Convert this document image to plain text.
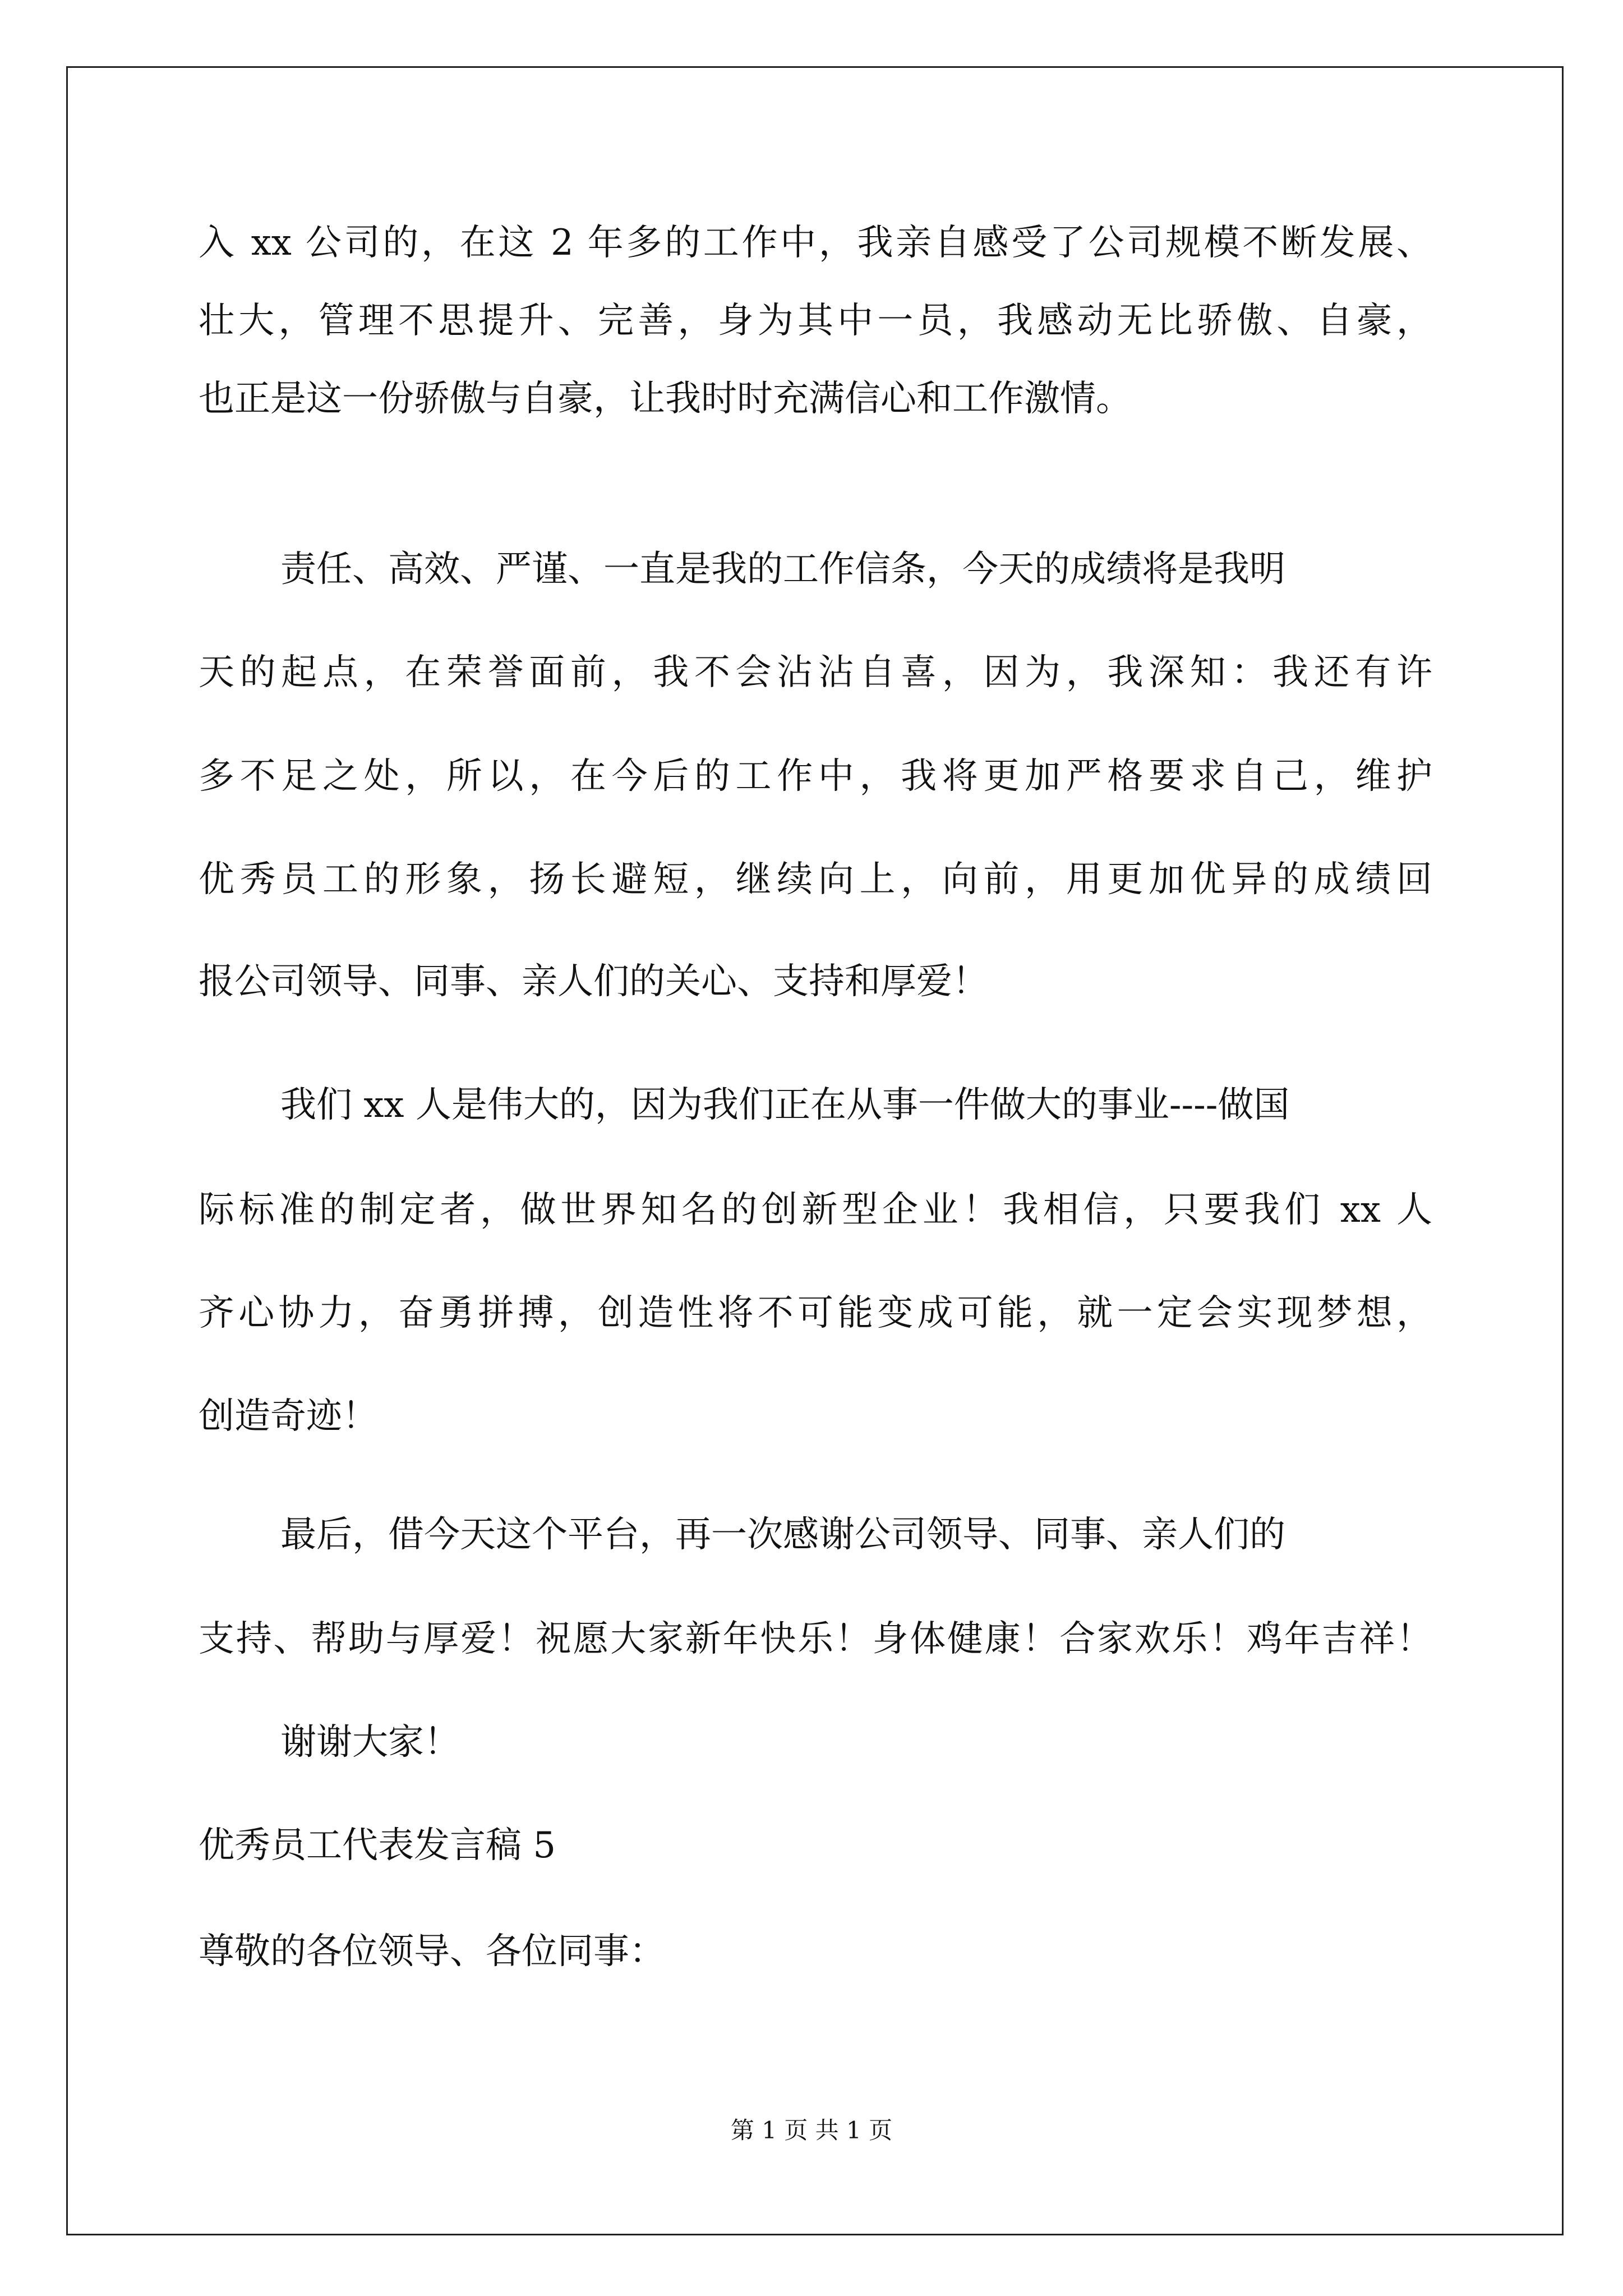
入 xx 公司的，在这 2 年多的工作中，我亲自感受了公司规模不断发展、

壮大，管理不思提升、完善，身为其中一员，我感动无比骄傲、自豪，

也正是这一份骄傲与自豪，让我时时充满信心和工作激情。

责任、高效、严谨、一直是我的工作信条，今天的成绩将是我明

天的起点，在荣誉面前，我不会沾沾自喜，因为，我深知：我还有许

多不足之处，所以，在今后的工作中，我将更加严格要求自己，维护

优秀员工的形象，扬长避短，继续向上，向前，用更加优异的成绩回

报公司领导、同事、亲人们的关心、支持和厚爱！

我们 xx 人是伟大的，因为我们正在从事一件做大的事业----做国

际标准的制定者，做世界知名的创新型企业！我相信，只要我们 xx 人

齐心协力，奋勇拼搏，创造性将不可能变成可能，就一定会实现梦想，

创造奇迹！

最后，借今天这个平台，再一次感谢公司领导、同事、亲人们的

支持、帮助与厚爱！祝愿大家新年快乐！身体健康！合家欢乐！鸡年吉祥！

谢谢大家！

优秀员工代表发言稿 5

尊敬的各位领导、各位同事：

第 1 页 共 1 页
